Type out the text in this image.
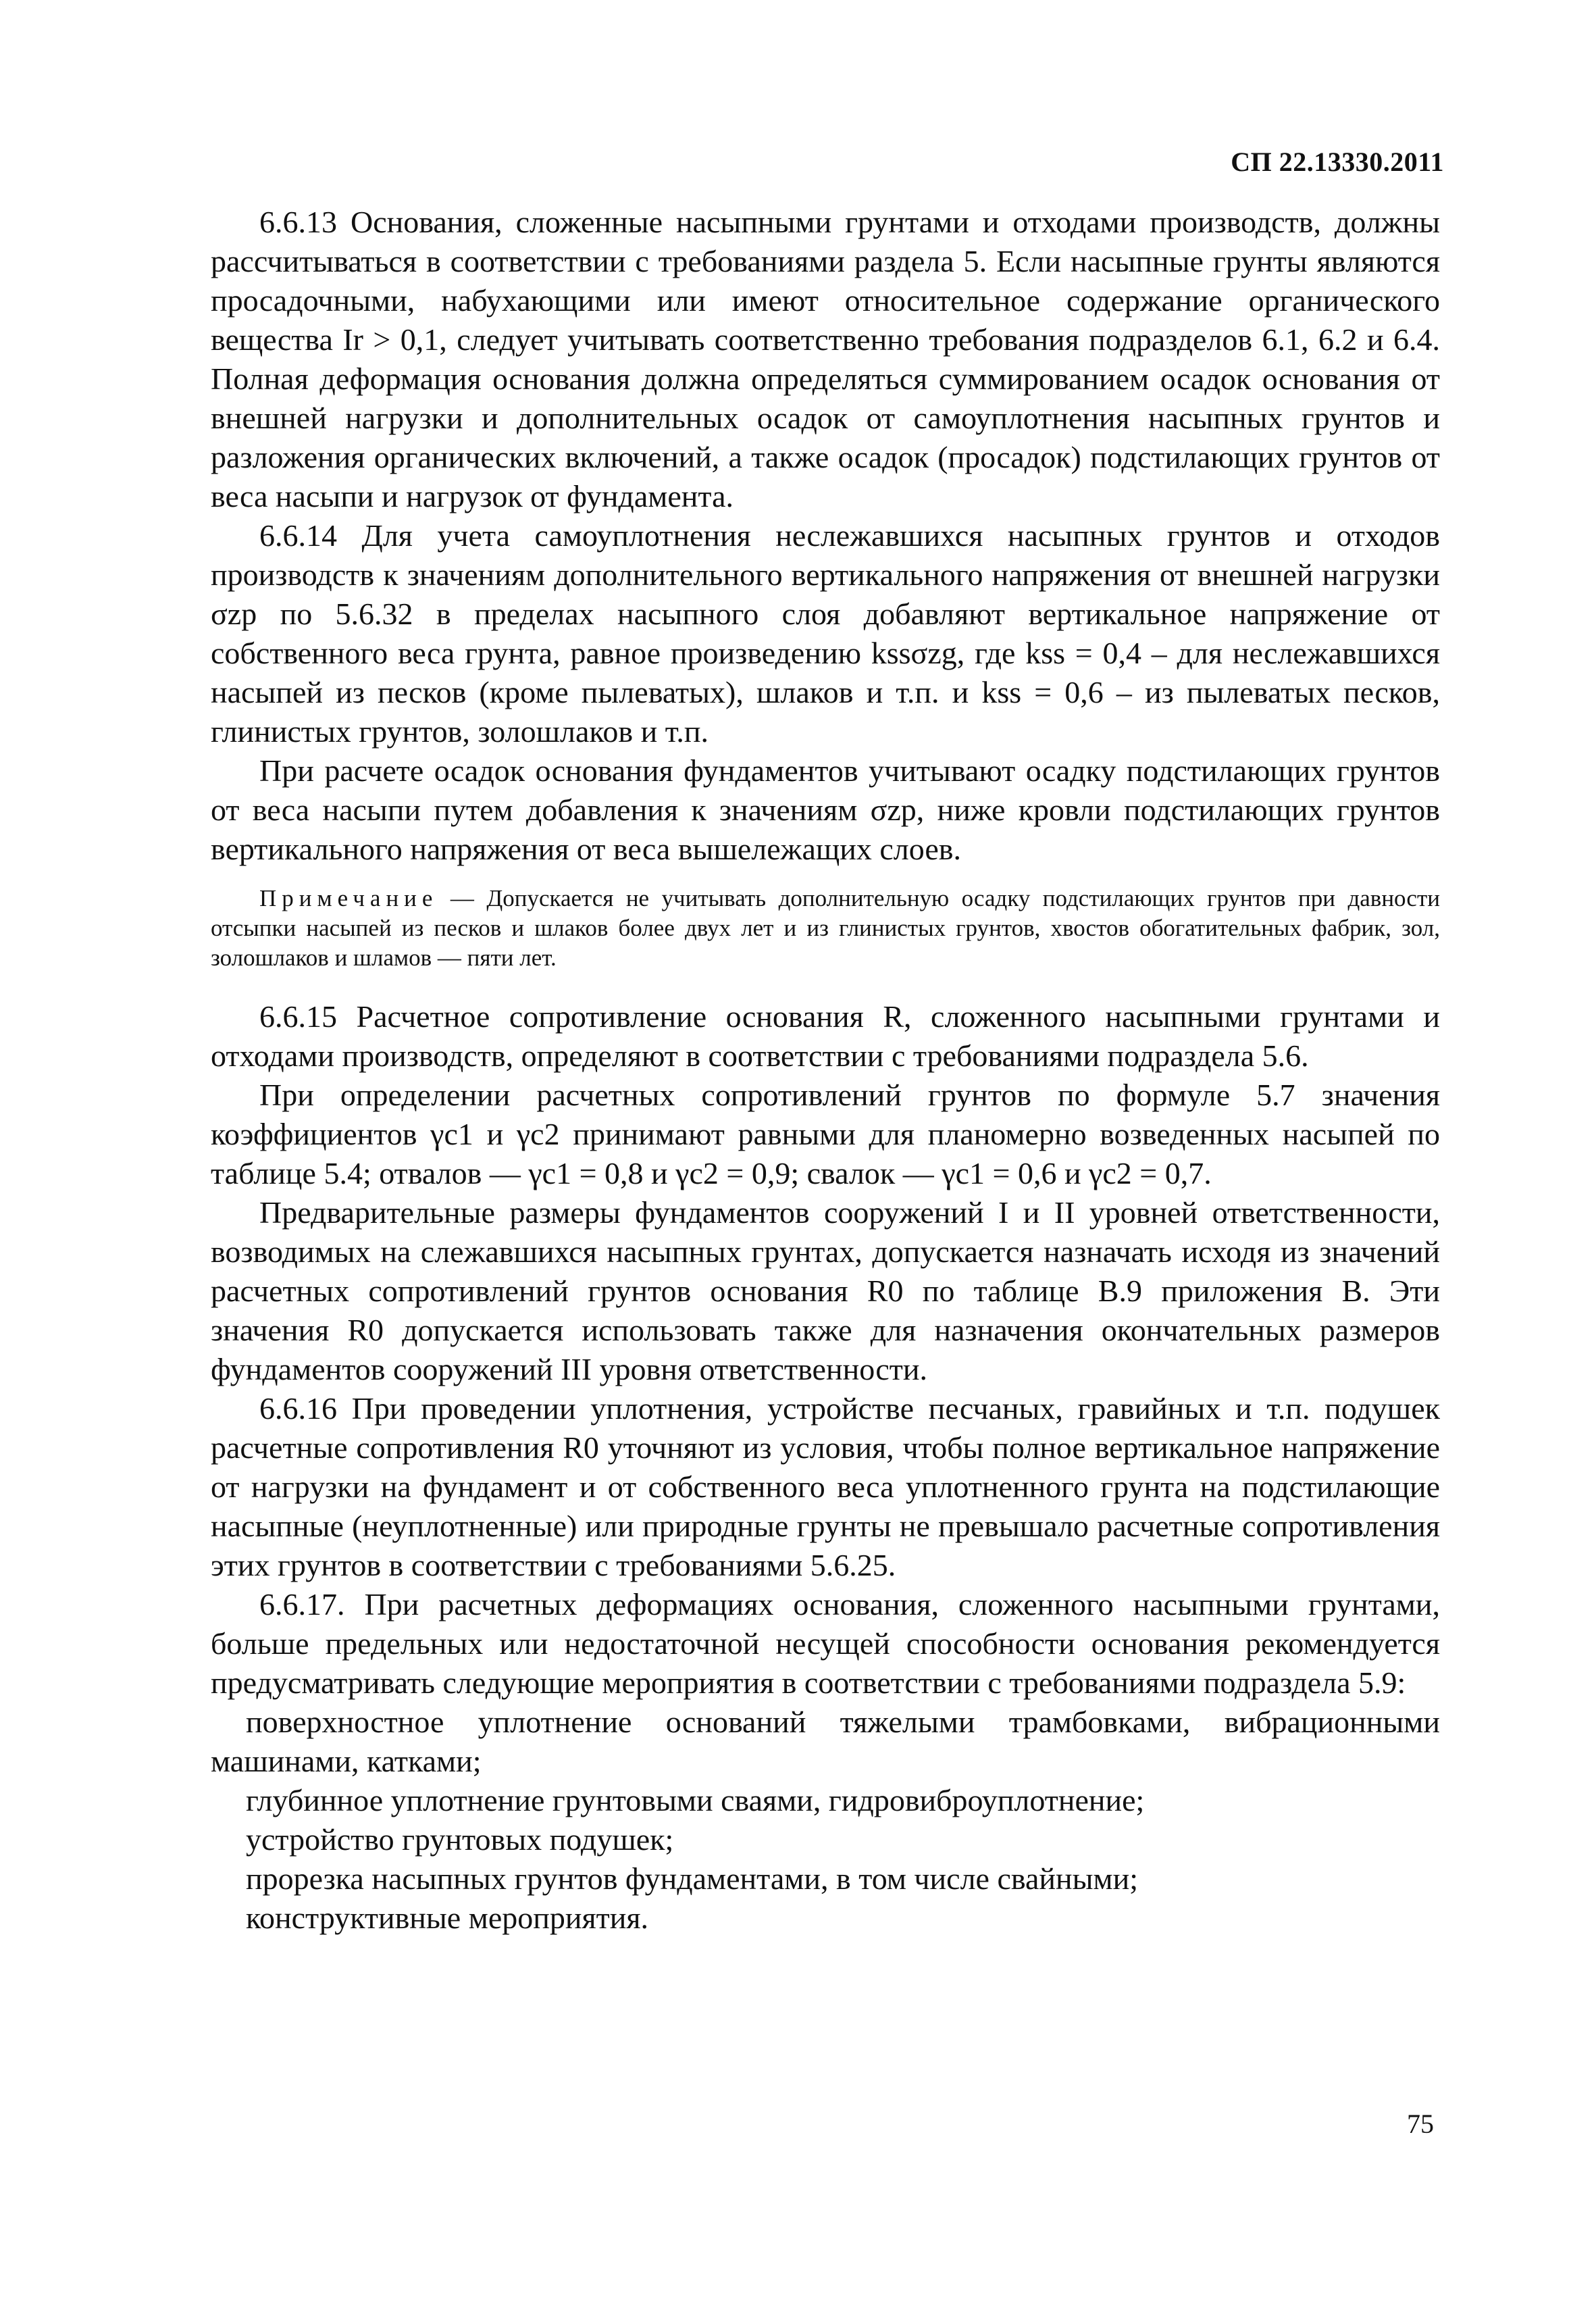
СП 22.13330.2011

6.6.13 Основания, сложенные насыпными грунтами и отходами производств, должны рассчитываться в соответствии с требованиями раздела 5. Если насыпные грунты являются просадочными, набухающими или имеют относительное содержание органического вещества Ir > 0,1, следует учитывать соответственно требования подразделов 6.1, 6.2 и 6.4. Полная деформация основания должна определяться суммированием осадок основания от внешней нагрузки и дополнительных осадок от самоуплотнения насыпных грунтов и разложения органических включений, а также осадок (просадок) подстилающих грунтов от веса насыпи и нагрузок от фундамента.

6.6.14 Для учета самоуплотнения неслежавшихся насыпных грунтов и отходов производств к значениям дополнительного вертикального напряжения от внешней нагрузки σzp по 5.6.32 в пределах насыпного слоя добавляют вертикальное напряжение от собственного веса грунта, равное произведению kssσzg, где kss = 0,4 – для неслежавшихся насыпей из песков (кроме пылеватых), шлаков и т.п. и kss = 0,6 – из пылеватых песков, глинистых грунтов, золошлаков и т.п.

При расчете осадок основания фундаментов учитывают осадку подстилающих грунтов от веса насыпи путем добавления к значениям σzp, ниже кровли подстилающих грунтов вертикального напряжения от веса вышележащих слоев.

Примечание — Допускается не учитывать дополнительную осадку подстилающих грунтов при давности отсыпки насыпей из песков и шлаков более двух лет и из глинистых грунтов, хвостов обогатительных фабрик, зол, золошлаков и шламов — пяти лет.

6.6.15 Расчетное сопротивление основания R, сложенного насыпными грунтами и отходами производств, определяют в соответствии с требованиями подраздела 5.6.

При определении расчетных сопротивлений грунтов по формуле 5.7 значения коэффициентов γc1 и γc2 принимают равными для планомерно возведенных насыпей по таблице 5.4; отвалов — γc1 = 0,8 и γc2 = 0,9; свалок — γc1 = 0,6 и γc2 = 0,7.

Предварительные размеры фундаментов сооружений I и II уровней ответственности, возводимых на слежавшихся насыпных грунтах, допускается назначать исходя из значений расчетных сопротивлений грунтов основания R0 по таблице В.9 приложения В. Эти значения R0 допускается использовать также для назначения окончательных размеров фундаментов сооружений III уровня ответственности.

6.6.16 При проведении уплотнения, устройстве песчаных, гравийных и т.п. подушек расчетные сопротивления R0 уточняют из условия, чтобы полное вертикальное напряжение от нагрузки на фундамент и от собственного веса уплотненного грунта на подстилающие насыпные (неуплотненные) или природные грунты не превышало расчетные сопротивления этих грунтов в соответствии с требованиями 5.6.25.

6.6.17. При расчетных деформациях основания, сложенного насыпными грунтами, больше предельных или недостаточной несущей способности основания рекомендуется предусматривать следующие мероприятия в соответствии с требованиями подраздела 5.9:

поверхностное уплотнение оснований тяжелыми трамбовками, вибрационными машинами, катками;

глубинное уплотнение грунтовыми сваями, гидровиброуплотнение;

устройство грунтовых подушек;

прорезка насыпных грунтов фундаментами, в том числе свайными;

конструктивные мероприятия.

75
